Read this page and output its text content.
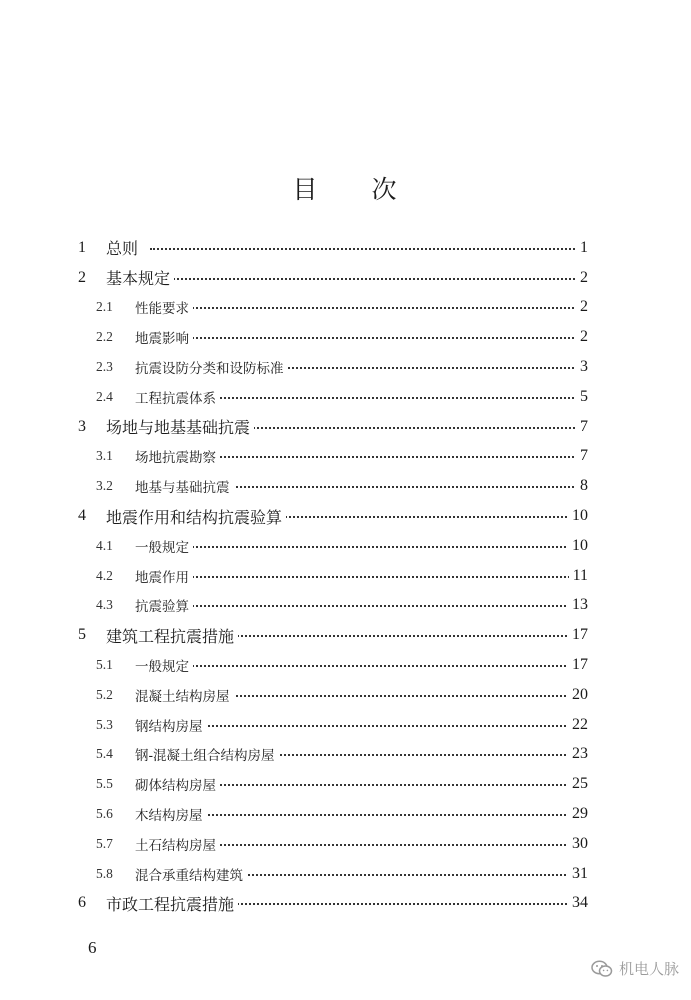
目 次
1	总则	1
2	基本规定	2
2.1	性能要求	2
2.2	地震影响	2
2.3	抗震设防分类和设防标准	3
2.4	工程抗震体系	5
3	场地与地基基础抗震	7
3.1	场地抗震勘察	7
3.2	地基与基础抗震	8
4	地震作用和结构抗震验算	10
4.1	一般规定	10
4.2	地震作用	11
4.3	抗震验算	13
5	建筑工程抗震措施	17
5.1	一般规定	17
5.2	混凝土结构房屋	20
5.3	钢结构房屋	22
5.4	钢-混凝土组合结构房屋	23
5.5	砌体结构房屋	25
5.6	木结构房屋	29
5.7	土石结构房屋	30
5.8	混合承重结构建筑	31
6	市政工程抗震措施	34
6
机电人脉
